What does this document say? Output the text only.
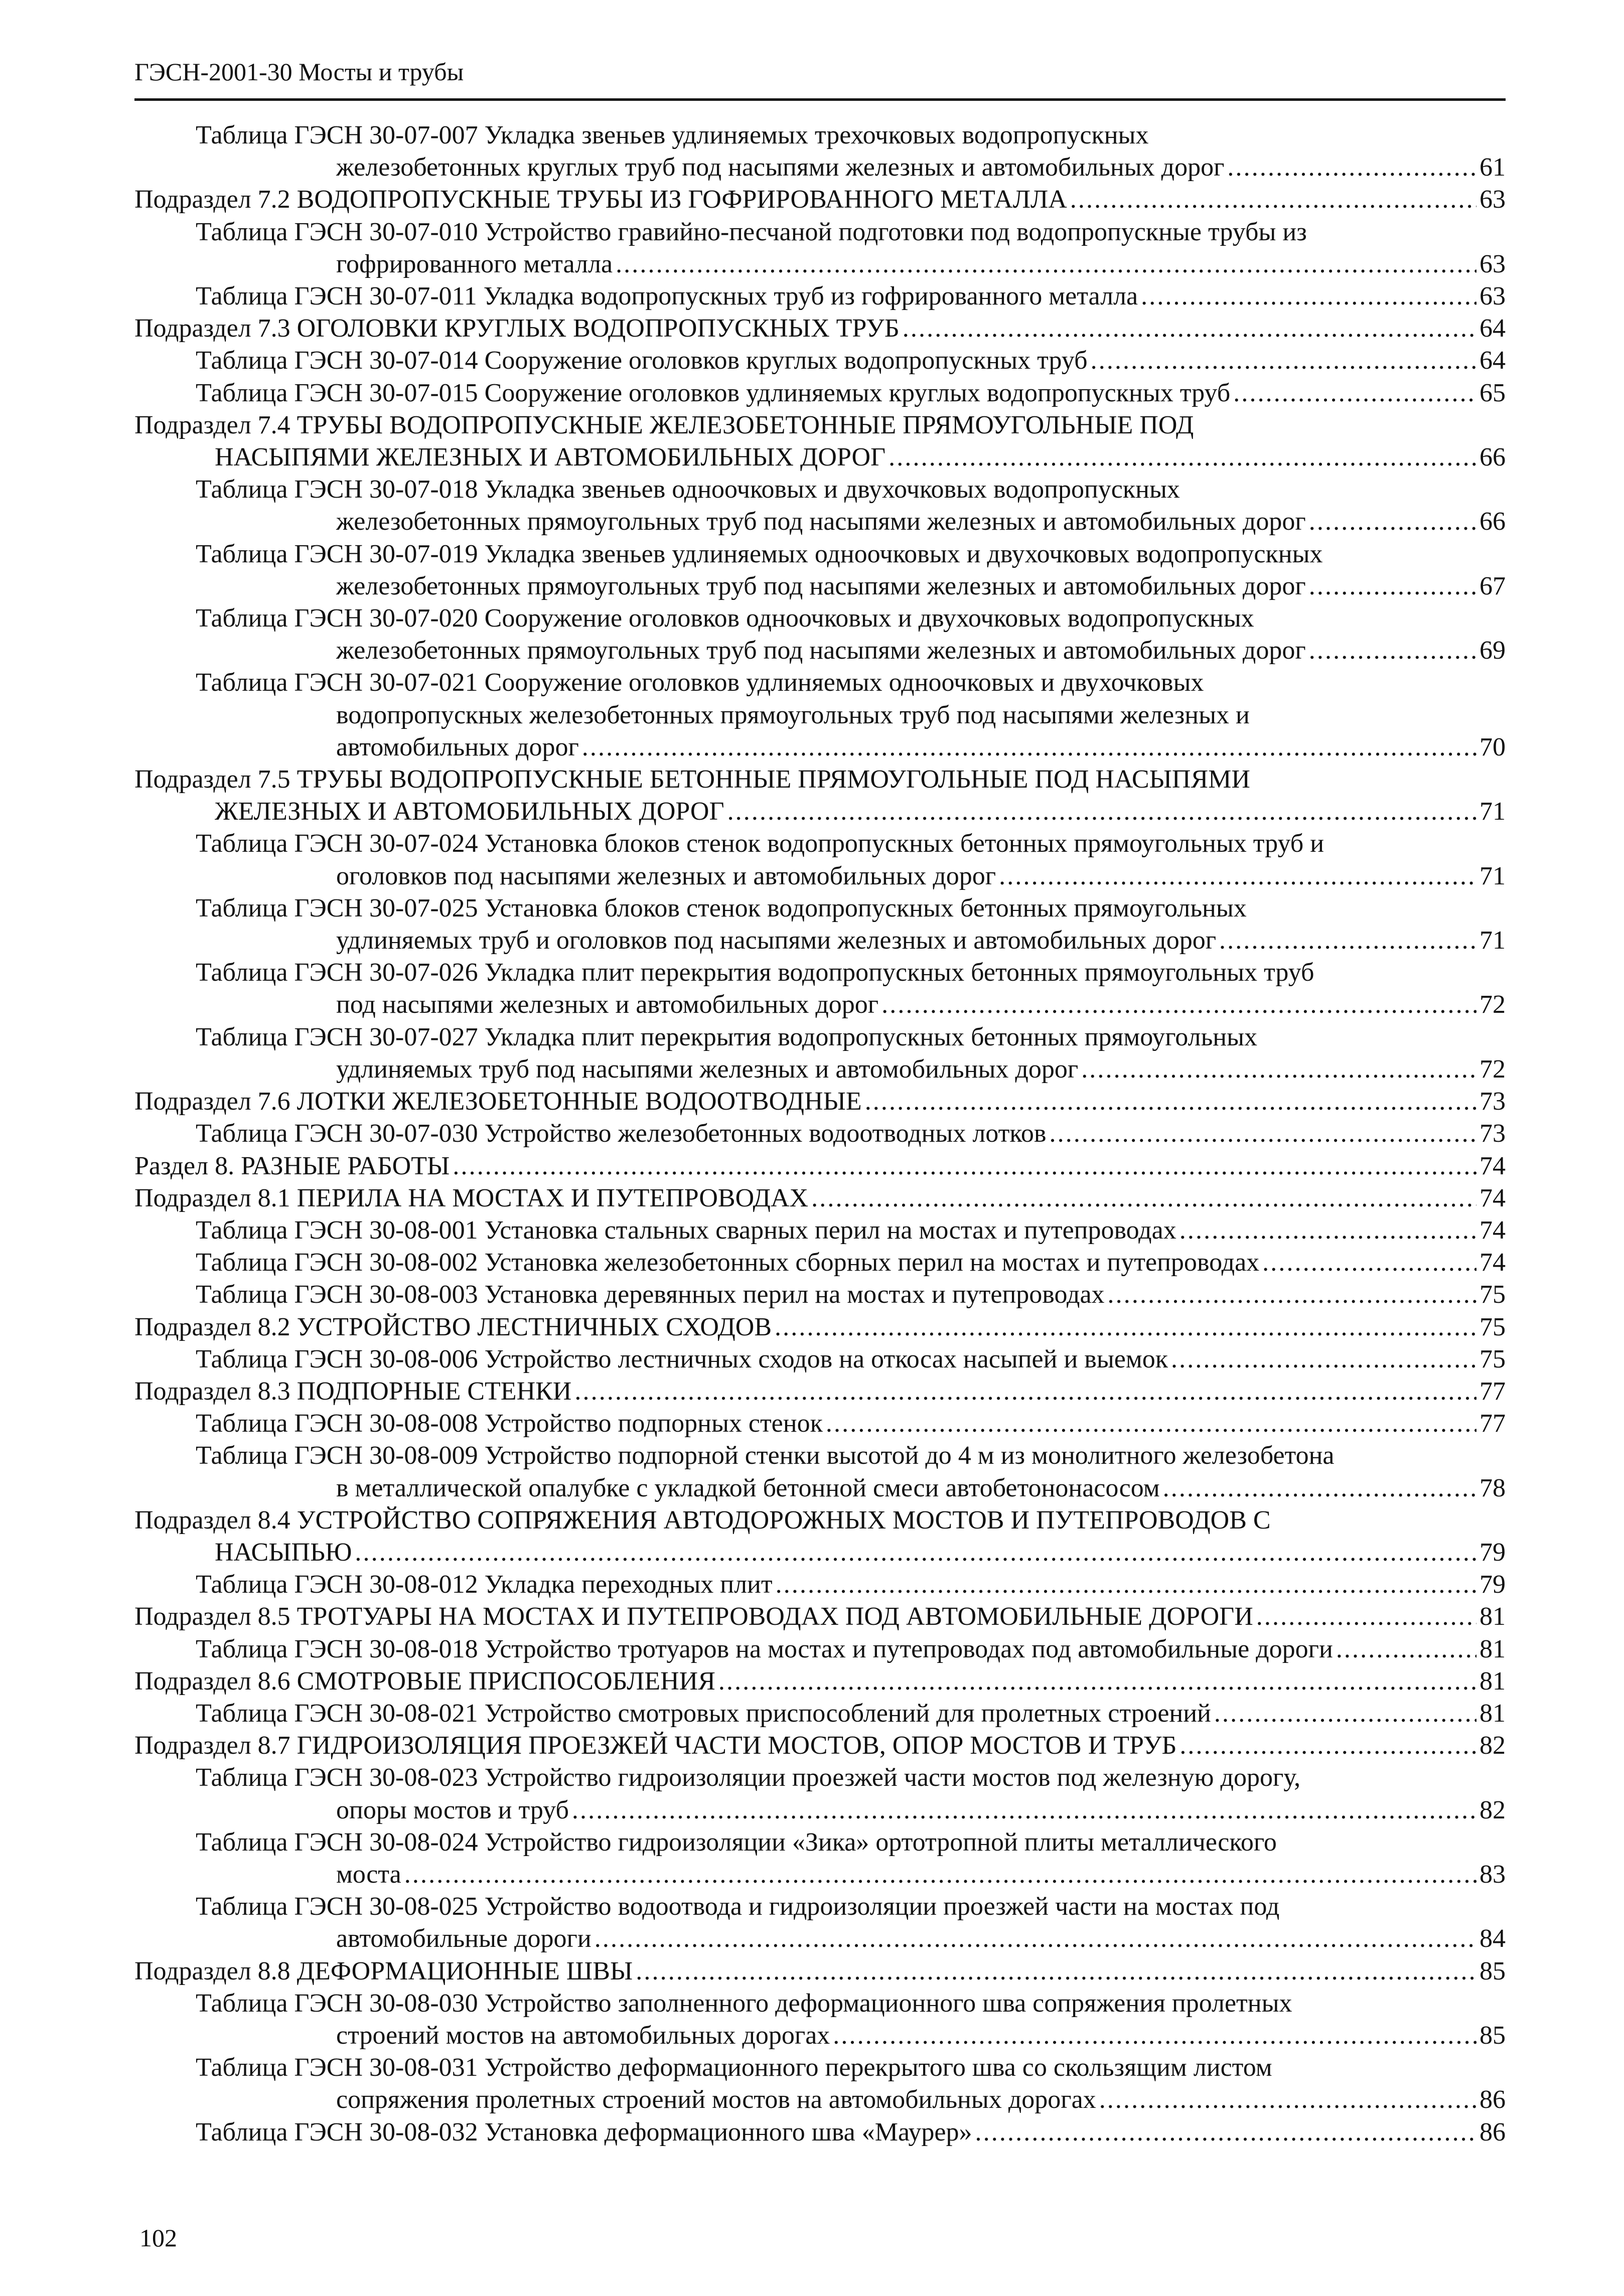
ГЭСН-2001-30 Мосты и трубы
Таблица ГЭСН 30-07-007 Укладка звеньев удлиняемых трехочковых водопропускных
железобетонных круглых труб под насыпями железных и автомобильных дорог .....	61
Подраздел 7.2 ВОДОПРОПУСКНЫЕ ТРУБЫ ИЗ ГОФРИРОВАННОГО МЕТАЛЛА .....	63
Таблица ГЭСН 30-07-010 Устройство гравийно-песчаной подготовки под водопропускные трубы из
гофрированного металла .....	63
Таблица ГЭСН 30-07-011 Укладка водопропускных труб из гофрированного металла .....	63
Подраздел 7.3 ОГОЛОВКИ КРУГЛЫХ ВОДОПРОПУСКНЫХ ТРУБ .....	64
Таблица ГЭСН 30-07-014 Сооружение оголовков круглых водопропускных труб .....	64
Таблица ГЭСН 30-07-015 Сооружение оголовков удлиняемых круглых водопропускных труб .....	65
Подраздел 7.4 ТРУБЫ ВОДОПРОПУСКНЫЕ ЖЕЛЕЗОБЕТОННЫЕ ПРЯМОУГОЛЬНЫЕ ПОД
НАСЫПЯМИ ЖЕЛЕЗНЫХ И АВТОМОБИЛЬНЫХ ДОРОГ .....	66
Таблица ГЭСН 30-07-018 Укладка звеньев одноочковых и двухочковых водопропускных
железобетонных прямоугольных труб под насыпями железных и автомобильных дорог .....	66
Таблица ГЭСН 30-07-019 Укладка звеньев удлиняемых одноочковых и двухочковых водопропускных
железобетонных прямоугольных труб под насыпями железных и автомобильных дорог .....	67
Таблица ГЭСН 30-07-020 Сооружение оголовков одноочковых и двухочковых водопропускных
железобетонных прямоугольных труб под насыпями железных и автомобильных дорог .....	69
Таблица ГЭСН 30-07-021 Сооружение оголовков удлиняемых одноочковых и двухочковых
водопропускных железобетонных прямоугольных труб под насыпями железных и
автомобильных дорог .....	70
Подраздел 7.5 ТРУБЫ ВОДОПРОПУСКНЫЕ БЕТОННЫЕ ПРЯМОУГОЛЬНЫЕ ПОД НАСЫПЯМИ
ЖЕЛЕЗНЫХ И АВТОМОБИЛЬНЫХ ДОРОГ .....	71
Таблица ГЭСН 30-07-024 Установка блоков стенок водопропускных бетонных прямоугольных труб и
оголовков под насыпями железных и автомобильных дорог .....	71
Таблица ГЭСН 30-07-025 Установка блоков стенок водопропускных бетонных прямоугольных
удлиняемых труб и оголовков под насыпями железных и автомобильных дорог .....	71
Таблица ГЭСН 30-07-026 Укладка плит перекрытия водопропускных бетонных прямоугольных труб
под насыпями железных и автомобильных дорог .....	72
Таблица ГЭСН 30-07-027 Укладка плит перекрытия водопропускных бетонных прямоугольных
удлиняемых труб под насыпями железных и автомобильных дорог .....	72
Подраздел 7.6 ЛОТКИ ЖЕЛЕЗОБЕТОННЫЕ ВОДООТВОДНЫЕ .....	73
Таблица ГЭСН 30-07-030 Устройство железобетонных водоотводных лотков .....	73
Раздел 8. РАЗНЫЕ РАБОТЫ .....	74
Подраздел 8.1 ПЕРИЛА НА МОСТАХ И ПУТЕПРОВОДАХ .....	74
Таблица ГЭСН 30-08-001 Установка стальных сварных перил на мостах и путепроводах .....	74
Таблица ГЭСН 30-08-002 Установка железобетонных сборных перил на мостах и путепроводах .....	74
Таблица ГЭСН 30-08-003 Установка деревянных перил на мостах и путепроводах .....	75
Подраздел 8.2 УСТРОЙСТВО ЛЕСТНИЧНЫХ СХОДОВ .....	75
Таблица ГЭСН 30-08-006 Устройство лестничных сходов на откосах насыпей и выемок .....	75
Подраздел 8.3 ПОДПОРНЫЕ СТЕНКИ .....	77
Таблица ГЭСН 30-08-008 Устройство подпорных стенок .....	77
Таблица ГЭСН 30-08-009 Устройство подпорной стенки высотой до 4 м из монолитного железобетона
в металлической опалубке с укладкой бетонной смеси автобетононасосом .....	78
Подраздел 8.4 УСТРОЙСТВО СОПРЯЖЕНИЯ АВТОДОРОЖНЫХ МОСТОВ И ПУТЕПРОВОДОВ С
НАСЫПЬЮ .....	79
Таблица ГЭСН 30-08-012 Укладка переходных плит .....	79
Подраздел 8.5 ТРОТУАРЫ НА МОСТАХ И ПУТЕПРОВОДАХ ПОД АВТОМОБИЛЬНЫЕ ДОРОГИ .....	81
Таблица ГЭСН 30-08-018 Устройство тротуаров на мостах и путепроводах под автомобильные дороги .....	81
Подраздел 8.6 СМОТРОВЫЕ ПРИСПОСОБЛЕНИЯ .....	81
Таблица ГЭСН 30-08-021 Устройство смотровых приспособлений для пролетных строений .....	81
Подраздел 8.7 ГИДРОИЗОЛЯЦИЯ ПРОЕЗЖЕЙ ЧАСТИ МОСТОВ, ОПОР МОСТОВ И ТРУБ .....	82
Таблица ГЭСН 30-08-023 Устройство гидроизоляции проезжей части мостов под железную дорогу,
опоры мостов и труб .....	82
Таблица ГЭСН 30-08-024 Устройство гидроизоляции «Зика» ортотропной плиты металлического
моста .....	83
Таблица ГЭСН 30-08-025 Устройство водоотвода и гидроизоляции проезжей части на мостах под
автомобильные дороги .....	84
Подраздел 8.8 ДЕФОРМАЦИОННЫЕ ШВЫ .....	85
Таблица ГЭСН 30-08-030 Устройство заполненного деформационного шва сопряжения пролетных
строений мостов на автомобильных дорогах .....	85
Таблица ГЭСН 30-08-031 Устройство деформационного перекрытого шва со скользящим листом
сопряжения пролетных строений мостов на автомобильных дорогах .....	86
Таблица ГЭСН 30-08-032 Установка деформационного шва «Маурер» .....	86
102
